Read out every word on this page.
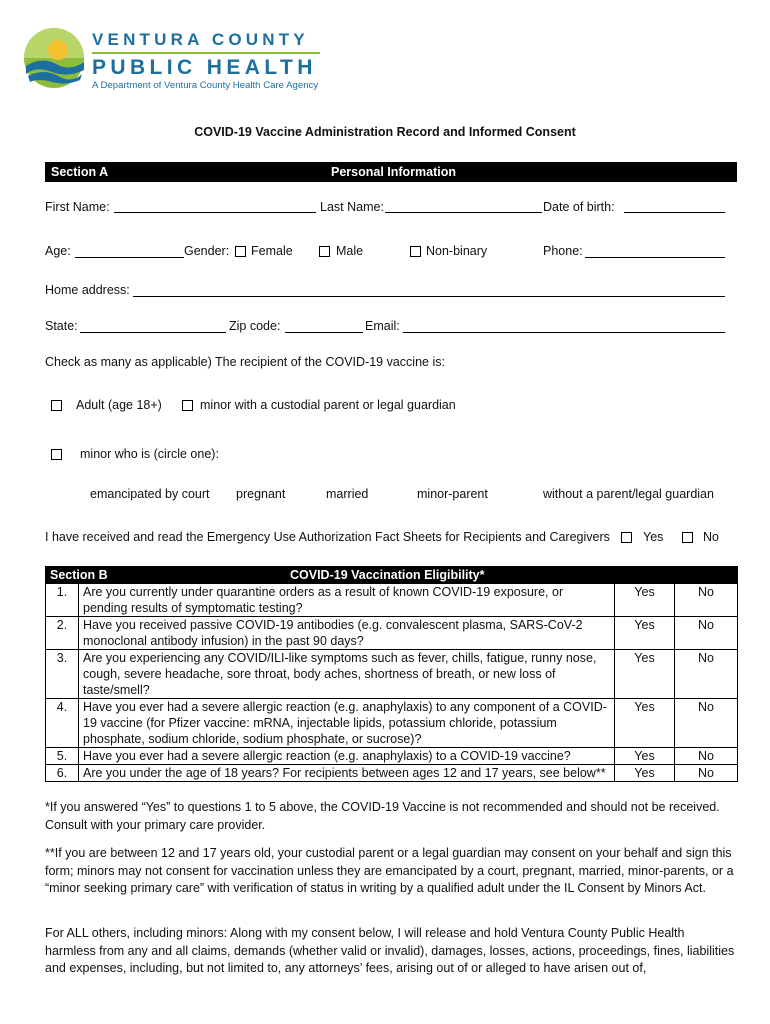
VENTURA COUNTY
PUBLIC HEALTH
A Department of Ventura County Health Care Agency
COVID-19 Vaccine Administration Record and Informed Consent
Section A	Personal Information
First Name:	Last Name:	Date of birth:
Age:	Gender: Female	Male	Non-binary	Phone:
Home address:
State:	Zip code:	Email:
Check as many as applicable) The recipient of the COVID-19 vaccine is:
Adult (age 18+)	minor with a custodial parent or legal guardian
minor who is (circle one):
emancipated by court pregnant	married	minor-parent	without a parent/legal guardian
I have received and read the Emergency Use Authorization Fact Sheets for Recipients and Caregivers	Yes	No
Section B COVID-19 Vaccination Eligibility*			

1.	Are you currently under quarantine orders as a result of known COVID-19 exposure, or pending results of symptomatic testing?	Yes	No
2.	Have you received passive COVID-19 antibodies (e.g. convalescent plasma, SARS-CoV-2 monoclonal antibody infusion) in the past 90 days?	Yes	No
3.	Are you experiencing any COVID/ILI-like symptoms such as fever, chills, fatigue, runny nose, cough, severe headache, sore throat, body aches, shortness of breath, or new loss of taste/smell?	Yes	No
4.	Have you ever had a severe allergic reaction (e.g. anaphylaxis) to any component of a COVID-19 vaccine (for Pfizer vaccine: mRNA, injectable lipids, potassium chloride, potassium phosphate, sodium chloride, sodium phosphate, or sucrose)?	Yes	No
5.	Have you ever had a severe allergic reaction (e.g. anaphylaxis) to a COVID-19 vaccine?	Yes	No
6.	Are you under the age of 18 years? For recipients between ages 12 and 17 years, see below**	Yes	No
*If you answered “Yes” to questions 1 to 5 above, the COVID-19 Vaccine is not recommended and should not be received. Consult with your primary care provider.
**If you are between 12 and 17 years old, your custodial parent or a legal guardian may consent on your behalf and sign this form; minors may not consent for vaccination unless they are emancipated by a court, pregnant, married, minor-parents, or a “minor seeking primary care” with verification of status in writing by a qualified adult under the IL Consent by Minors Act.
For ALL others, including minors: Along with my consent below, I will release and hold Ventura County Public Health harmless from any and all claims, demands (whether valid or invalid), damages, losses, actions, proceedings, fines, liabilities and expenses, including, but not limited to, any attorneys’ fees, arising out of or alleged to have arisen out of,
